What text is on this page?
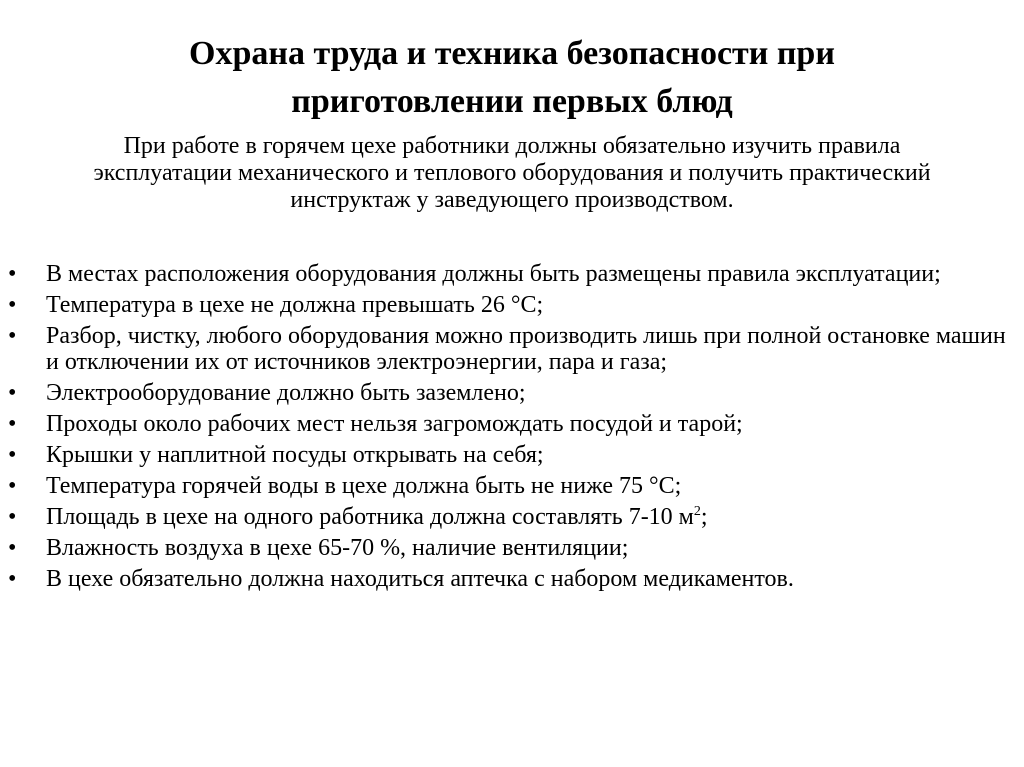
Охрана труда и техника безопасности при приготовлении первых блюд

При работе в горячем цехе работники должны обязательно изучить правила эксплуатации механического и теплового оборудования и получить практический инструктаж у заведующего производством.

•	В местах расположения оборудования должны быть размещены правила эксплуатации;
•	Температура в цехе не должна превышать 26 °С;
•	Разбор, чистку, любого оборудования можно производить лишь при полной остановке машин и отключении их от источников электроэнергии, пара и газа;
•	Электрооборудование должно быть заземлено;
•	Проходы около рабочих мест нельзя загромождать посудой и тарой;
•	Крышки у наплитной посуды открывать на себя;
•	Температура горячей воды в цехе должна быть не ниже 75 °С;
•	Площадь в цехе на одного работника должна составлять 7-10 $м^2$;
•	Влажность воздуха в цехе 65-70 %, наличие вентиляции;
•	В цехе обязательно должна находиться аптечка с набором медикаментов.
